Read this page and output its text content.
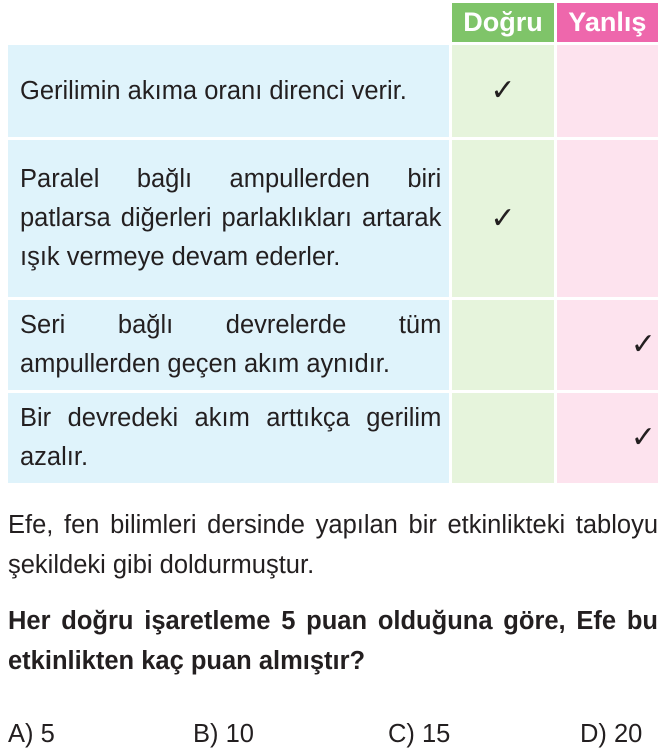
	Doğru	Yanlış
Gerilimin akıma oranı direnci verir.	✓	
Paralel bağlı ampullerden biri patlarsa diğerleri parlaklıkları artarak ışık vermeye devam ederler.	✓	
Seri bağlı devrelerde tüm ampullerden geçen akım aynıdır.		✓
Bir devredeki akım arttıkça gerilim azalır.		✓
Efe, fen bilimleri dersinde yapılan bir etkinlikteki tabloyu şekildeki gibi doldurmuştur.
Her doğru işaretleme 5 puan olduğuna göre, Efe bu etkinlikten kaç puan almıştır?
A) 5	B) 10	C) 15	D) 20
